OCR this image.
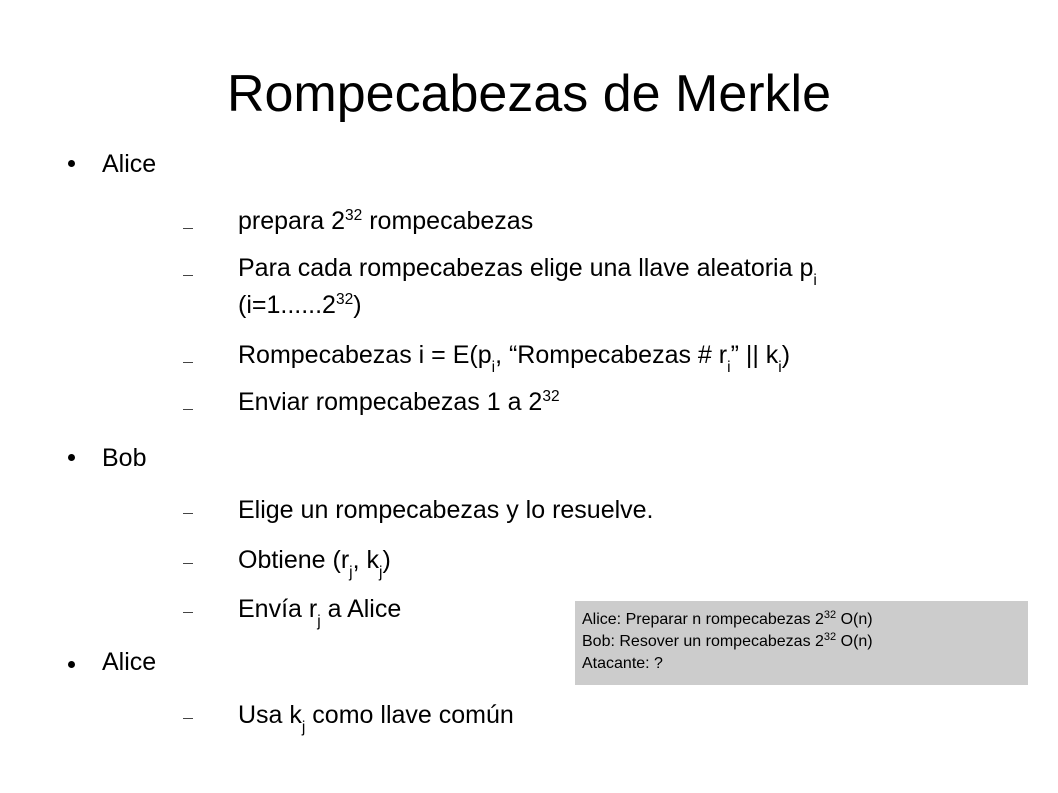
Rompecabezas de Merkle
Alice
prepara $2^{32}$ rompecabezas
Para cada rompecabezas elige una llave aleatoria $p_i$
$(i=1......2^{32})$
Rompecabezas $i = E(p_i$, “Rompecabezas # $r_i$” || $k_i$)
Enviar rompecabezas 1 a $2^{32}$
Bob
Elige un rompecabezas y lo resuelve.
Obtiene ($r_j$, $k_j$)
Envía $r_j$ a Alice
Alice
Usa $k_j$ como llave común
Alice: Preparar n rompecabezas $2^{32}$ O(n)
Bob: Resover un rompecabezas $2^{32}$ O(n)
Atacante: ?
